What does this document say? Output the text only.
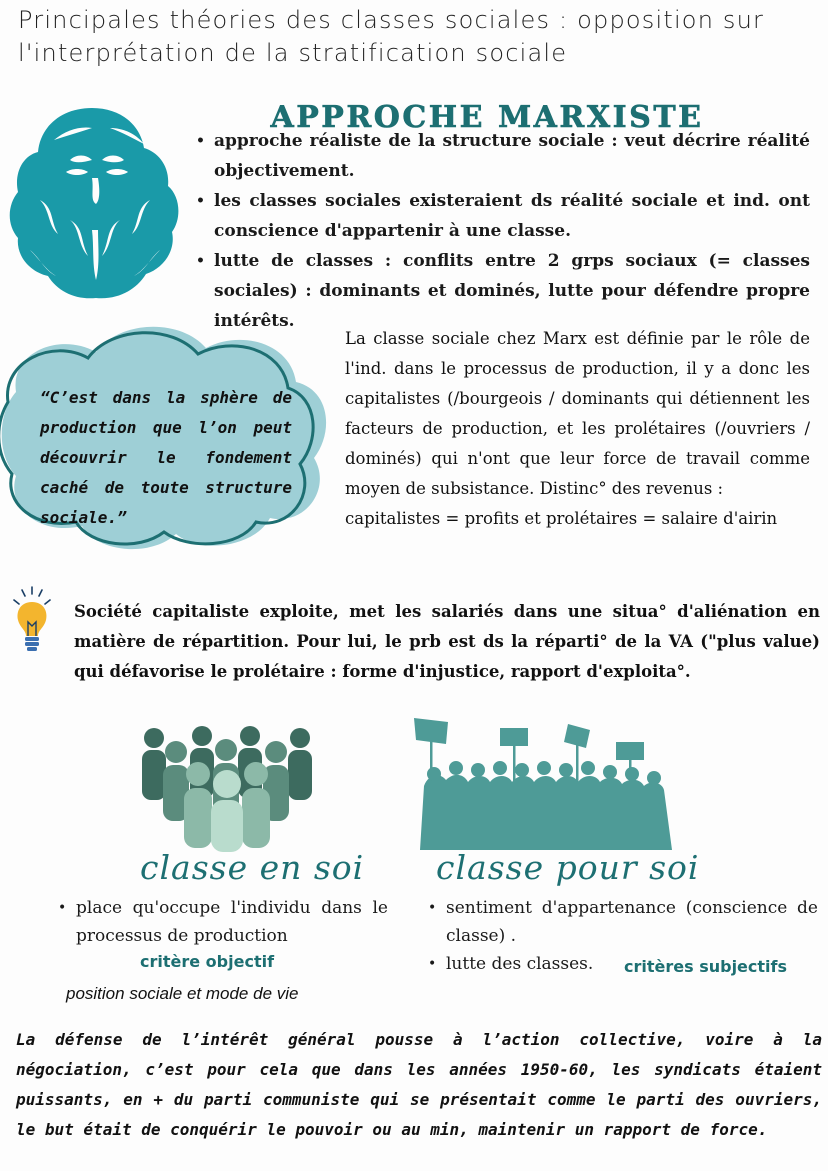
Principales théories des classes sociales : opposition sur l'interprétation de la stratification sociale
APPROCHE MARXISTE
• approche réaliste de la structure sociale : veut décrire réalité objectivement.
• les classes sociales existeraient ds réalité sociale et ind. ont conscience d'appartenir à une classe.
• lutte de classes : conflits entre 2 grps sociaux (= classes sociales) : dominants et dominés, lutte pour défendre propre intérêts.
“C’est dans la sphère de production que l’on peut découvrir le fondement caché de toute structure sociale.”
La classe sociale chez Marx est définie par le rôle de l'ind. dans le processus de production, il y a donc les capitalistes (/bourgeois / dominants qui détiennent les facteurs de production, et les prolétaires (/ouvriers / dominés) qui n'ont que leur force de travail comme moyen de subsistance. Distinc° des revenus :
capitalistes = profits et prolétaires = salaire d'airin
Société capitaliste exploite, met les salariés dans une situa° d'aliénation en matière de répartition. Pour lui, le prb est ds la réparti° de la VA ("plus value) qui défavorise le prolétaire : forme d'injustice, rapport d'exploita°.
classe en soi classe pour soi
• place qu'occupe l'individu dans le processus de production
critère objectif
position sociale et mode de vie
• sentiment d'appartenance (conscience de classe) .
• lutte des classes.	critères subjectifs
La défense de l’intérêt général pousse à l’action collective, voire à la négociation, c’est pour cela que dans les années 1950-60, les syndicats étaient puissants, en + du parti communiste qui se présentait comme le parti des ouvriers, le but était de conquérir le pouvoir ou au min, maintenir un rapport de force.
